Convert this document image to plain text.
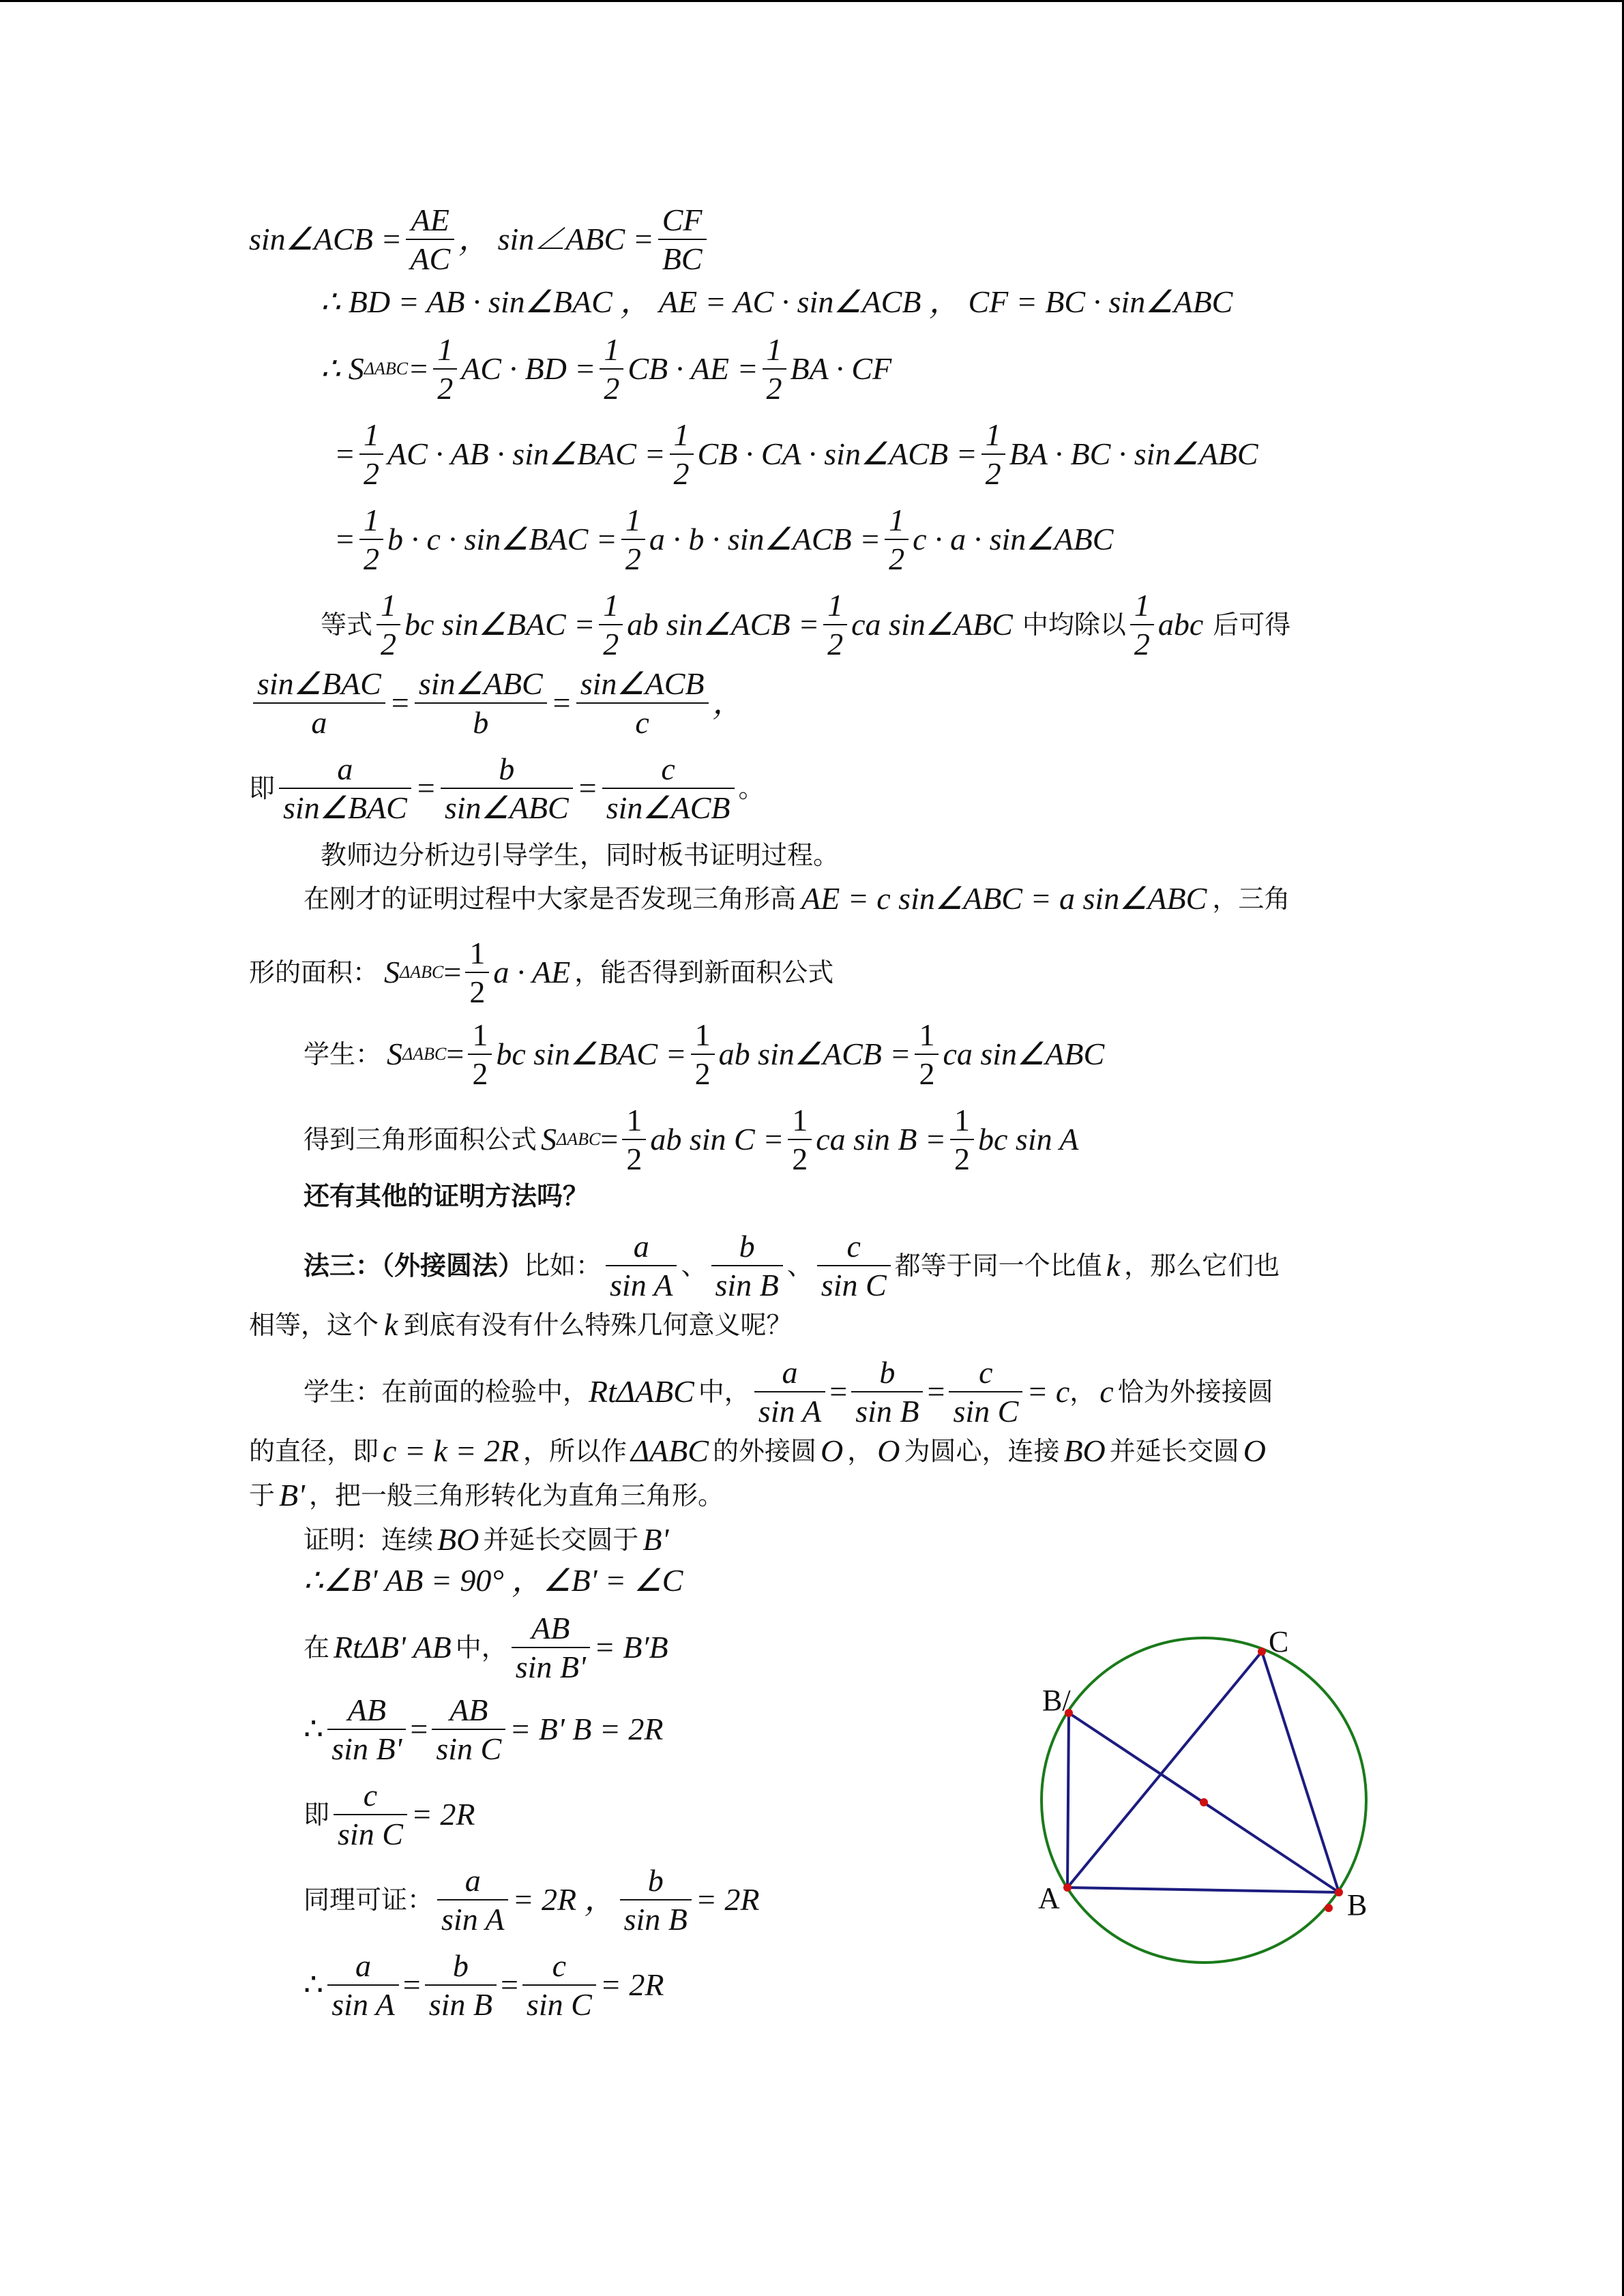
sin∠ACB = $\frac{AE}{AC}$ ， sin∠ABC = $\frac{CF}{BC}$
∴ BD = AB · sin∠BAC ， AE = AC · sin∠ACB ， CF = BC · sin∠ABC
∴ S $\Delta ABC = \frac{1}{2}$ AC · BD = $\frac{1}{2}$ CB · AE = $\frac{1}{2}$ BA · CF
= $\frac{1}{2}$ AC · AB · sin∠BAC = $\frac{1}{2}$ CB · CA · sin∠ACB = $\frac{1}{2}$ BA · BC · sin∠ABC
= $\frac{1}{2}$ b · c · sin∠BAC = $\frac{1}{2}$ a · b · sin∠ACB = $\frac{1}{2}$ c · a · sin∠ABC
等式 $\frac{1}{2}$ bc sin∠BAC = $\frac{1}{2}$ ab sin∠ACB = $\frac{1}{2}$ ca sin∠ABC 中均除以 $\frac{1}{2}$ abc 后可得
$\frac{\text{sin∠BAC}}{a} = \frac{\text{sin∠ABC}}{b} = \frac{\text{sin∠ACB}}{c}$ ，
即 $\frac{a}{\text{sin∠BAC}} = \frac{b}{\text{sin∠ABC}} = \frac{c}{\text{sin∠ACB}}$ 。
教师边分析边引导学生，同时板书证明过程。
在刚才的证明过程中大家是否发现三角形高 AE = c sin∠ABC = a sin∠ABC ，三角
形的面积： S $\Delta ABC = \frac{1}{2}$ a · AE ，能否得到新面积公式
学生： S $\Delta ABC = \frac{1}{2}$ bc sin∠BAC = $\frac{1}{2}$ ab sin∠ACB = $\frac{1}{2}$ ca sin∠ABC
得到三角形面积公式 S $\Delta ABC = \frac{1}{2}$ ab $\sin C = \frac{1}{2}$ ca $\sin B = \frac{1}{2}$ bc sin A
还有其他的证明方法吗？
法三：（外接圆法） 比如： $\frac{a}{\text{sin A}}$ 、 $\frac{b}{\text{sin B}}$ 、 $\frac{c}{\text{sin C}}$ 都等于同一个比值 k ，那么它们也
相等，这个 k 到底有没有什么特殊几何意义呢？
学生：在前面的检验中， RtΔABC 中， $\frac{a}{\text{sin A}} = \frac{b}{\text{sin B}} = \frac{c}{\text{sin C}} = c$ ， c 恰为外接接圆
的直径，即 c = k = 2R ，所以作 ΔABC 的外接圆 O ， O 为圆心，连接 BO 并延长交圆 O
于 B' ，把一般三角形转化为直角三角形。
证明：连续 BO 并延长交圆于 B'
∴∠B' AB = 90° ，∠B' = ∠C
在 RtΔB' AB 中， $\frac{AB}{\text{sin B'}} = B'B$
∴ $\frac{AB}{\text{sin B'}} = \frac{AB}{\text{sin C}} = B'$ B = 2R
即 $\frac{c}{\text{sin C}} = 2R$
同理可证： $\frac{a}{\text{sin A}} = 2R$ ， $\frac{b}{\text{sin B}} = 2R$
∴ $\frac{a}{\text{sin A}} = \frac{b}{\text{sin B}} = \frac{c}{\text{sin C}} = 2R$
A	B
C
B/
